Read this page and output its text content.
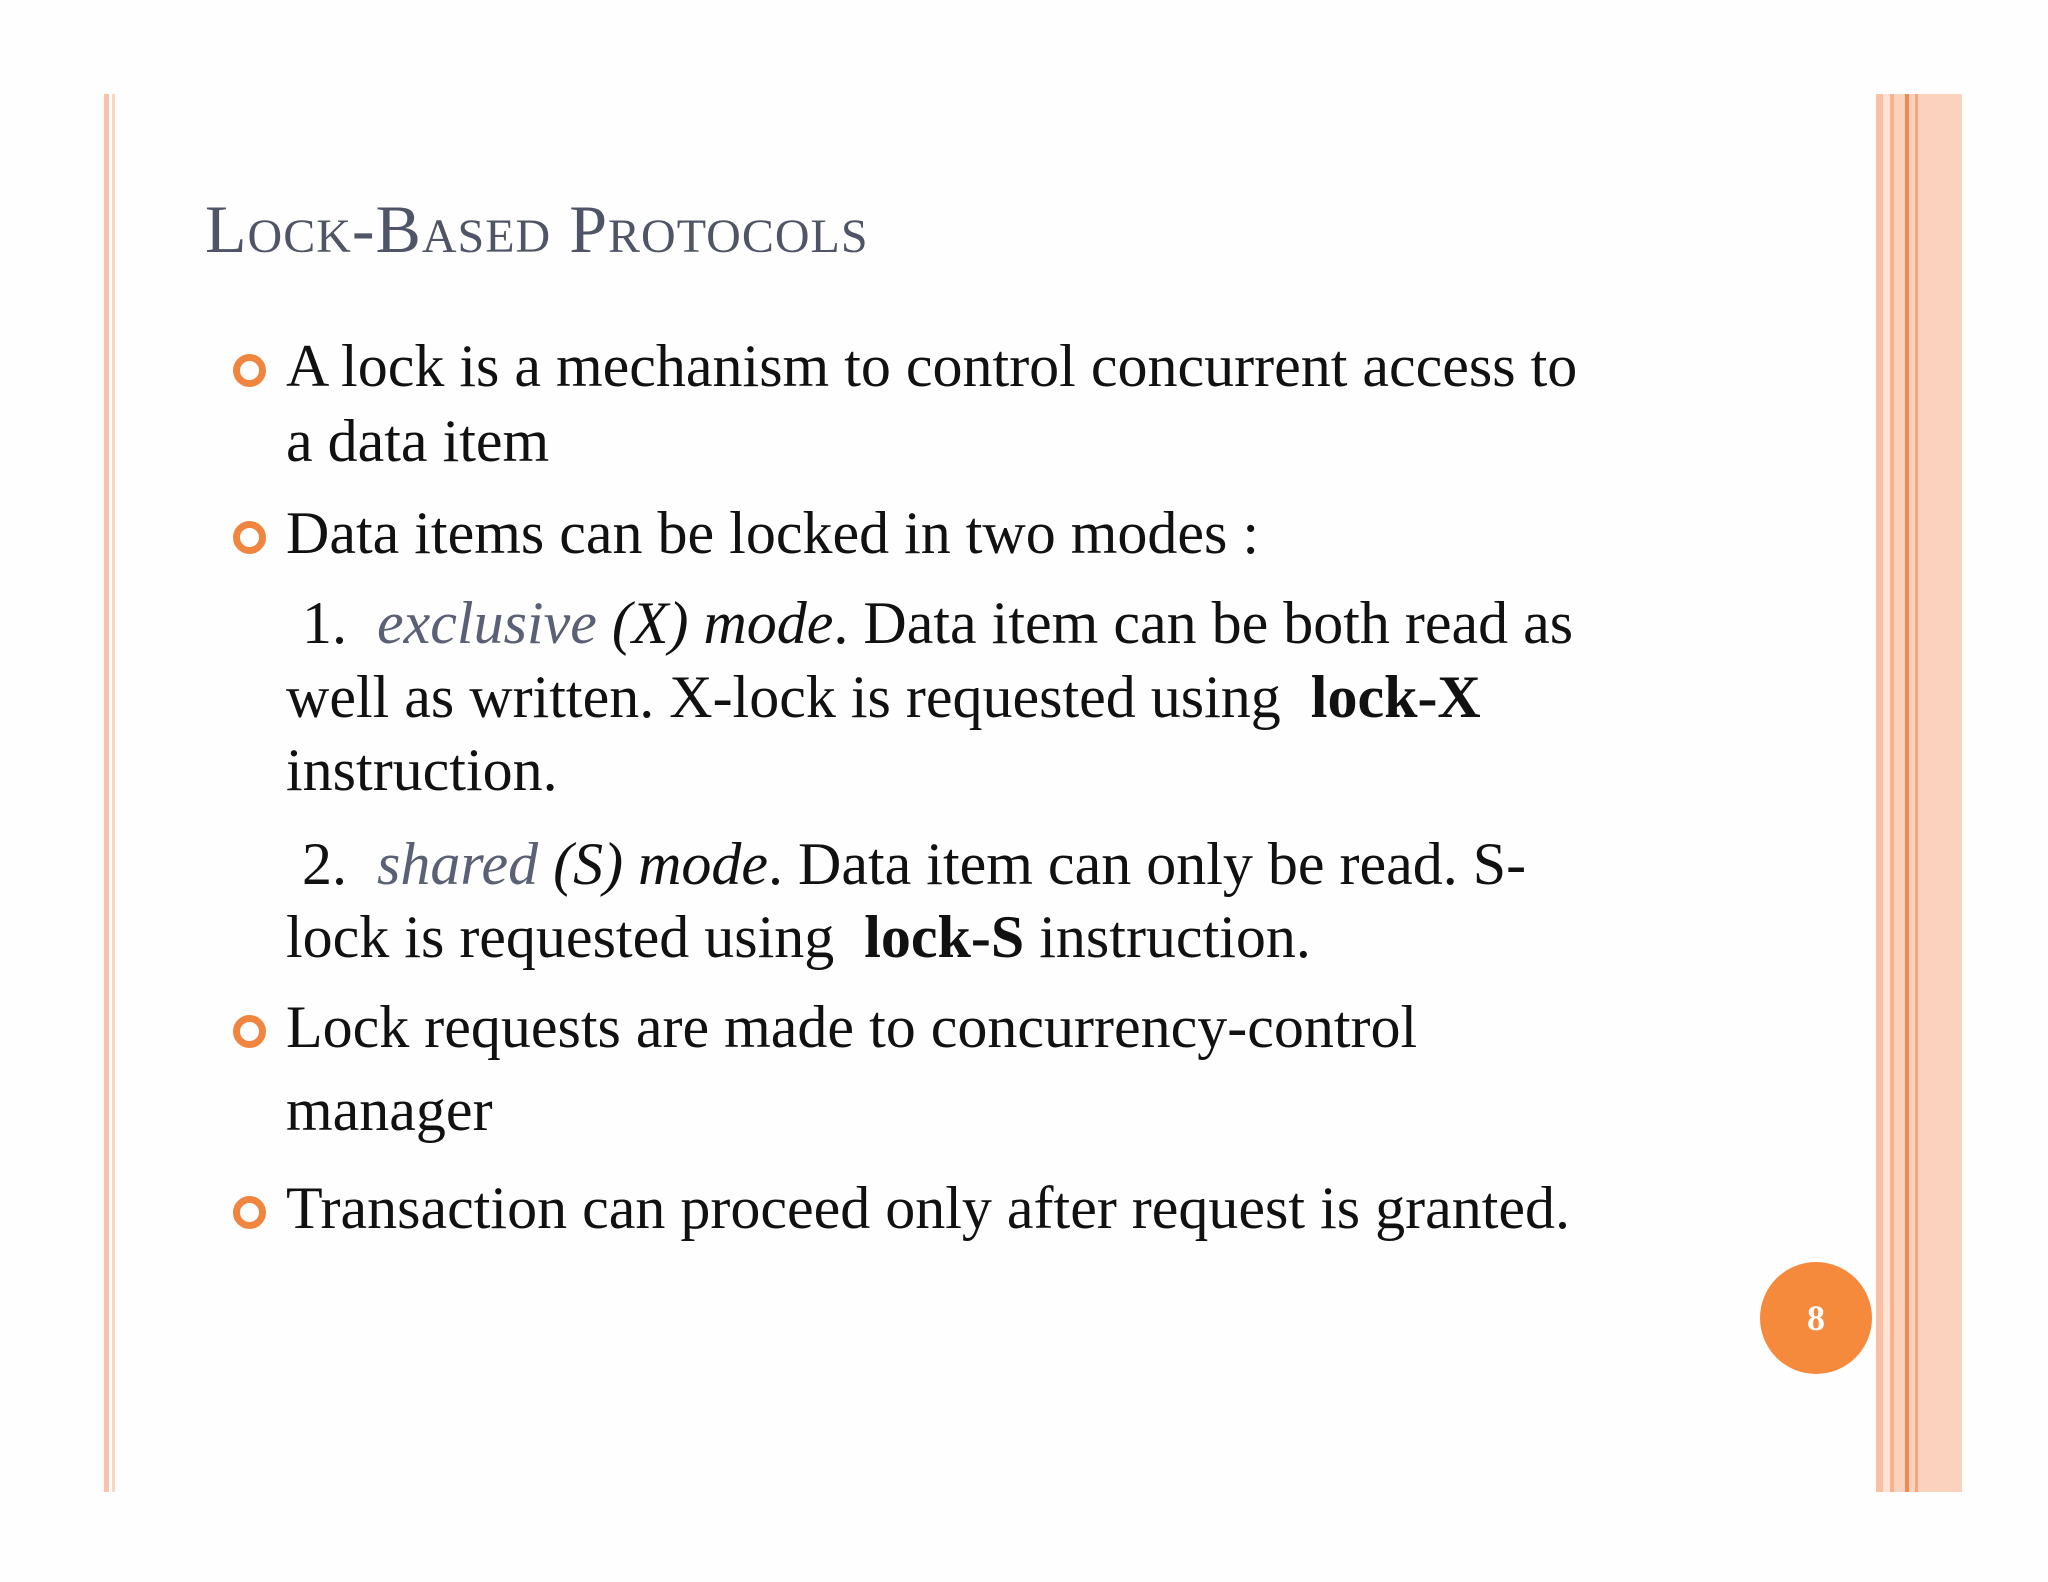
Lock-Based Protocols
A lock is a mechanism to control concurrent access to
a data item
Data items can be locked in two modes :
1. exclusive (X) mode. Data item can be both read as
well as written. X-lock is requested using lock-X
instruction.
2. shared (S) mode. Data item can only be read. S-
lock is requested using lock-S instruction.
Lock requests are made to concurrency-control
manager
Transaction can proceed only after request is granted.
8
